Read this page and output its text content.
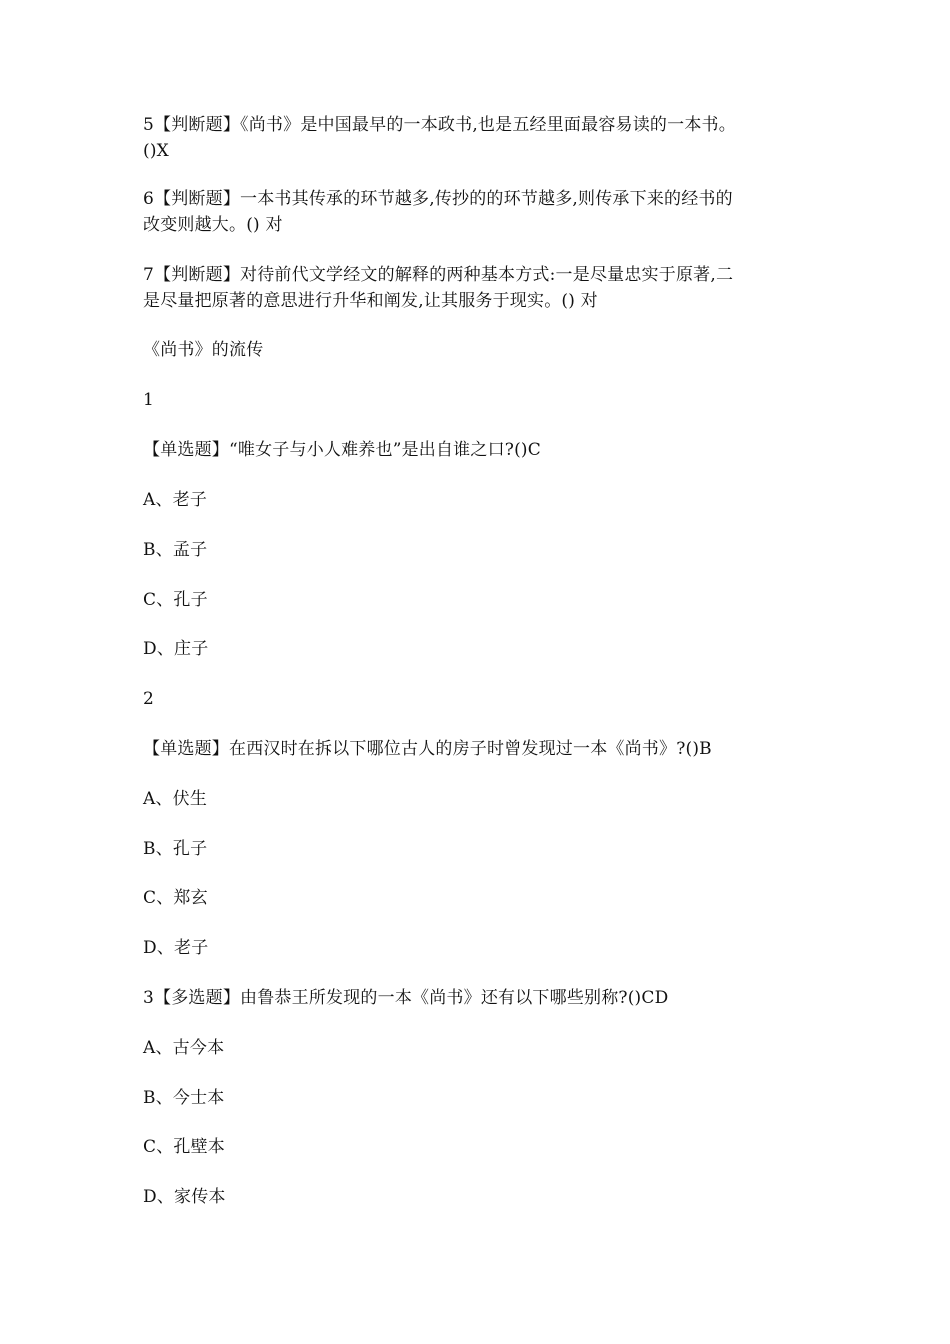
5【判断题】《尚书》是中国最早的一本政书,也是五经里面最容易读的一本书。
()X
6【判断题】一本书其传承的环节越多,传抄的的环节越多,则传承下来的经书的
改变则越大。() 对
7【判断题】对待前代文学经文的解释的两种基本方式:一是尽量忠实于原著,二
是尽量把原著的意思进行升华和阐发,让其服务于现实。() 对
《尚书》的流传
1
【单选题】“唯女子与小人难养也”是出自谁之口?()C
A、老子
B、孟子
C、孔子
D、庄子
2
【单选题】在西汉时在拆以下哪位古人的房子时曾发现过一本《尚书》?()B
A、伏生
B、孔子
C、郑玄
D、老子
3【多选题】由鲁恭王所发现的一本《尚书》还有以下哪些别称?()CD
A、古今本
B、今士本
C、孔壁本
D、家传本
